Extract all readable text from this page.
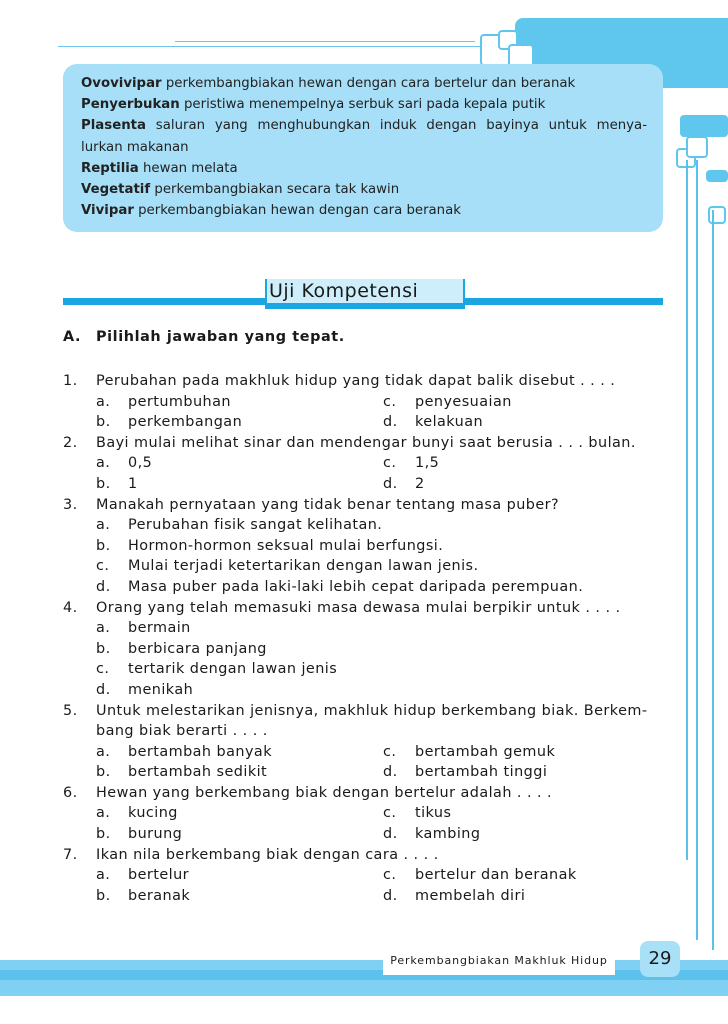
Ovovivipar perkembangbiakan hewan dengan cara bertelur dan beranak
Penyerbukan peristiwa menempelnya serbuk sari pada kepala putik
Plasenta saluran yang menghubungkan induk dengan bayinya untuk menya-
lurkan makanan
Reptilia hewan melata
Vegetatif perkembangbiakan secara tak kawin
Vivipar perkembangbiakan hewan dengan cara beranak
Uji Kompetensi
A. Pilihlah jawaban yang tepat.
1. Perubahan pada makhluk hidup yang tidak dapat balik disebut . . . .
a. pertumbuhan	c. penyesuaian
b. perkembangan	d. kelakuan
2. Bayi mulai melihat sinar dan mendengar bunyi saat berusia . . . bulan.
a. 0,5	c. 1,5
b. 1	d. 2
3. Manakah pernyataan yang tidak benar tentang masa puber?
a. Perubahan fisik sangat kelihatan.
b. Hormon-hormon seksual mulai berfungsi.
c. Mulai terjadi ketertarikan dengan lawan jenis.
d. Masa puber pada laki-laki lebih cepat daripada perempuan.
4. Orang yang telah memasuki masa dewasa mulai berpikir untuk . . . .
a. bermain
b. berbicara panjang
c. tertarik dengan lawan jenis
d. menikah
5. Untuk melestarikan jenisnya, makhluk hidup berkembang biak. Berkem-
bang biak berarti . . . .
a. bertambah banyak	c. bertambah gemuk
b. bertambah sedikit	d. bertambah tinggi
6. Hewan yang berkembang biak dengan bertelur adalah . . . .
a. kucing	c. tikus
b. burung	d. kambing
7. Ikan nila berkembang biak dengan cara . . . .
a. bertelur	c. bertelur dan beranak
b. beranak	d. membelah diri
Perkembangbiakan Makhluk Hidup	29
